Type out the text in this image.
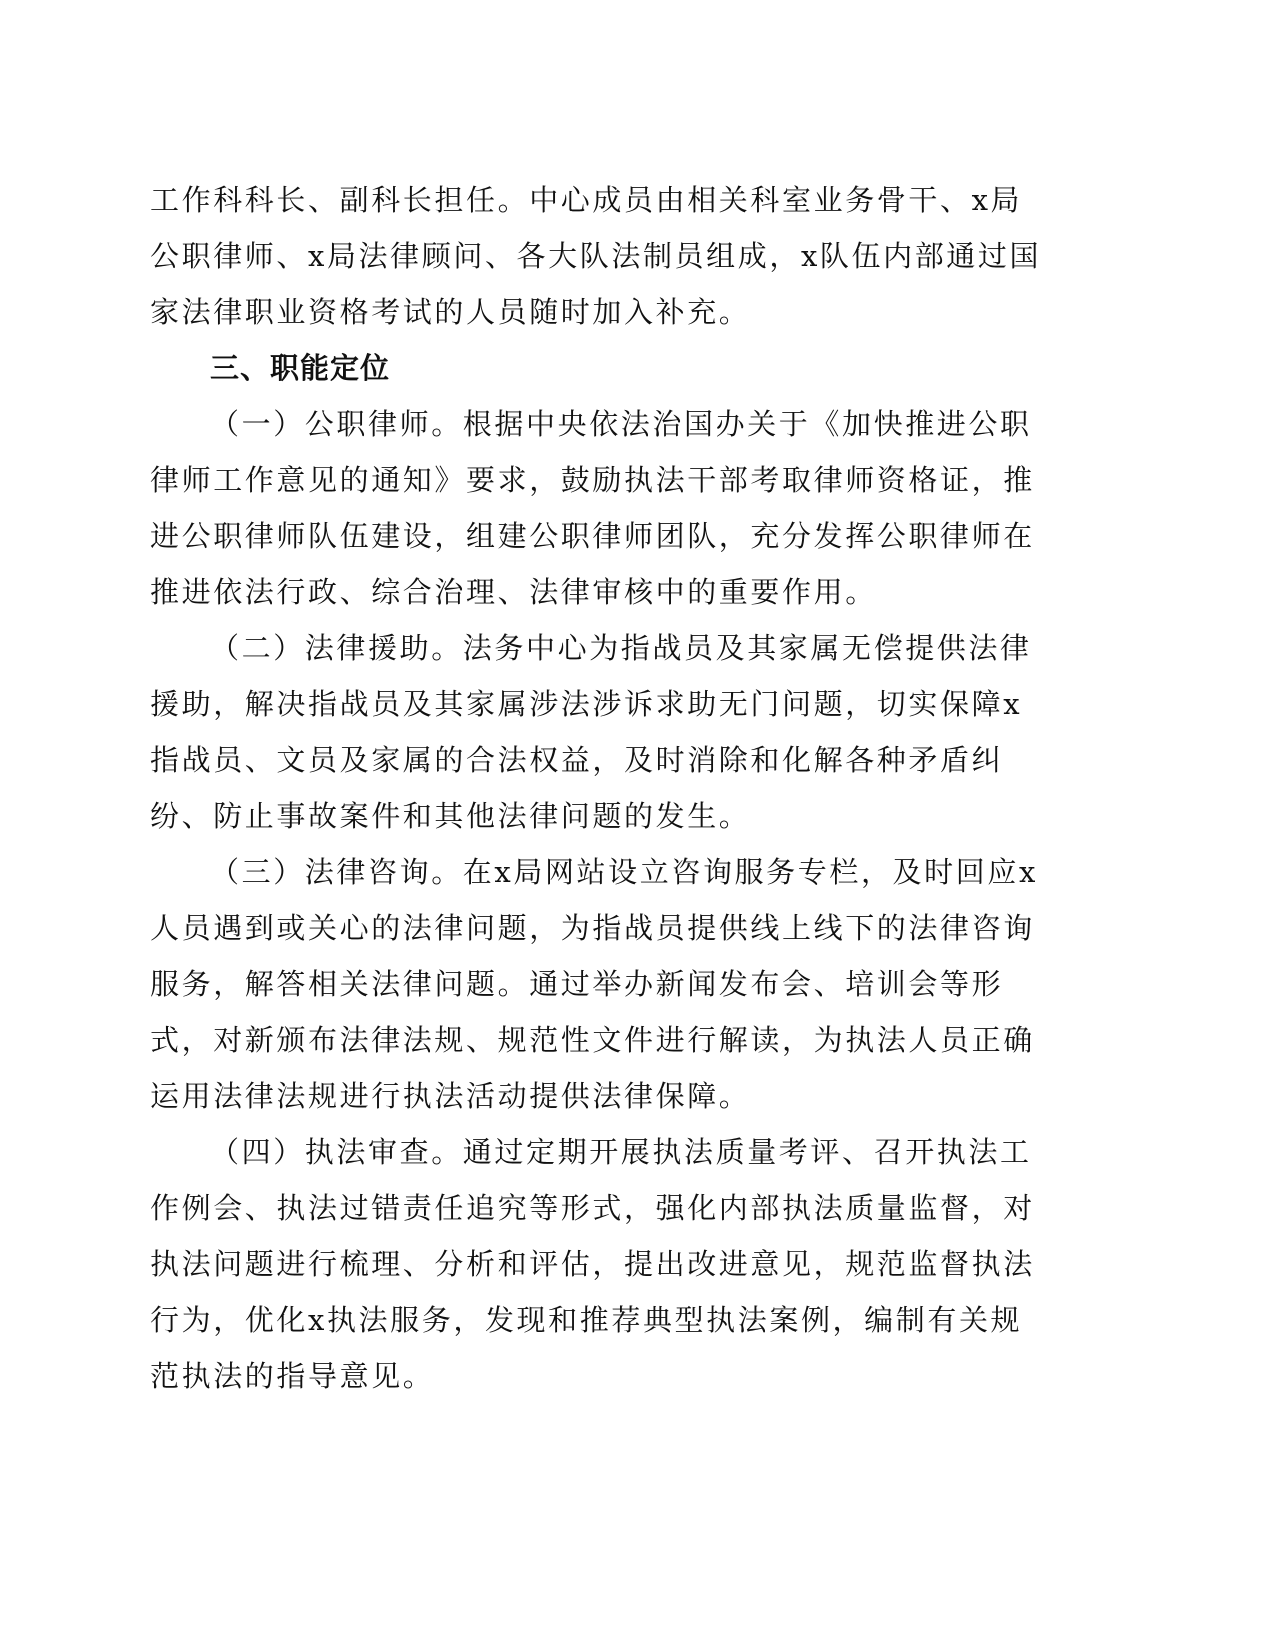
工作科科长、副科长担任。中心成员由相关科室业务骨干、x局
公职律师、x局法律顾问、各大队法制员组成，x队伍内部通过国
家法律职业资格考试的人员随时加入补充。
三、职能定位
（一）公职律师。根据中央依法治国办关于《加快推进公职
律师工作意见的通知》要求，鼓励执法干部考取律师资格证，推
进公职律师队伍建设，组建公职律师团队，充分发挥公职律师在
推进依法行政、综合治理、法律审核中的重要作用。
（二）法律援助。法务中心为指战员及其家属无偿提供法律
援助，解决指战员及其家属涉法涉诉求助无门问题，切实保障x
指战员、文员及家属的合法权益，及时消除和化解各种矛盾纠
纷、防止事故案件和其他法律问题的发生。
（三）法律咨询。在x局网站设立咨询服务专栏，及时回应x
人员遇到或关心的法律问题，为指战员提供线上线下的法律咨询
服务，解答相关法律问题。通过举办新闻发布会、培训会等形
式，对新颁布法律法规、规范性文件进行解读，为执法人员正确
运用法律法规进行执法活动提供法律保障。
（四）执法审查。通过定期开展执法质量考评、召开执法工
作例会、执法过错责任追究等形式，强化内部执法质量监督，对
执法问题进行梳理、分析和评估，提出改进意见，规范监督执法
行为，优化x执法服务，发现和推荐典型执法案例，编制有关规
范执法的指导意见。
